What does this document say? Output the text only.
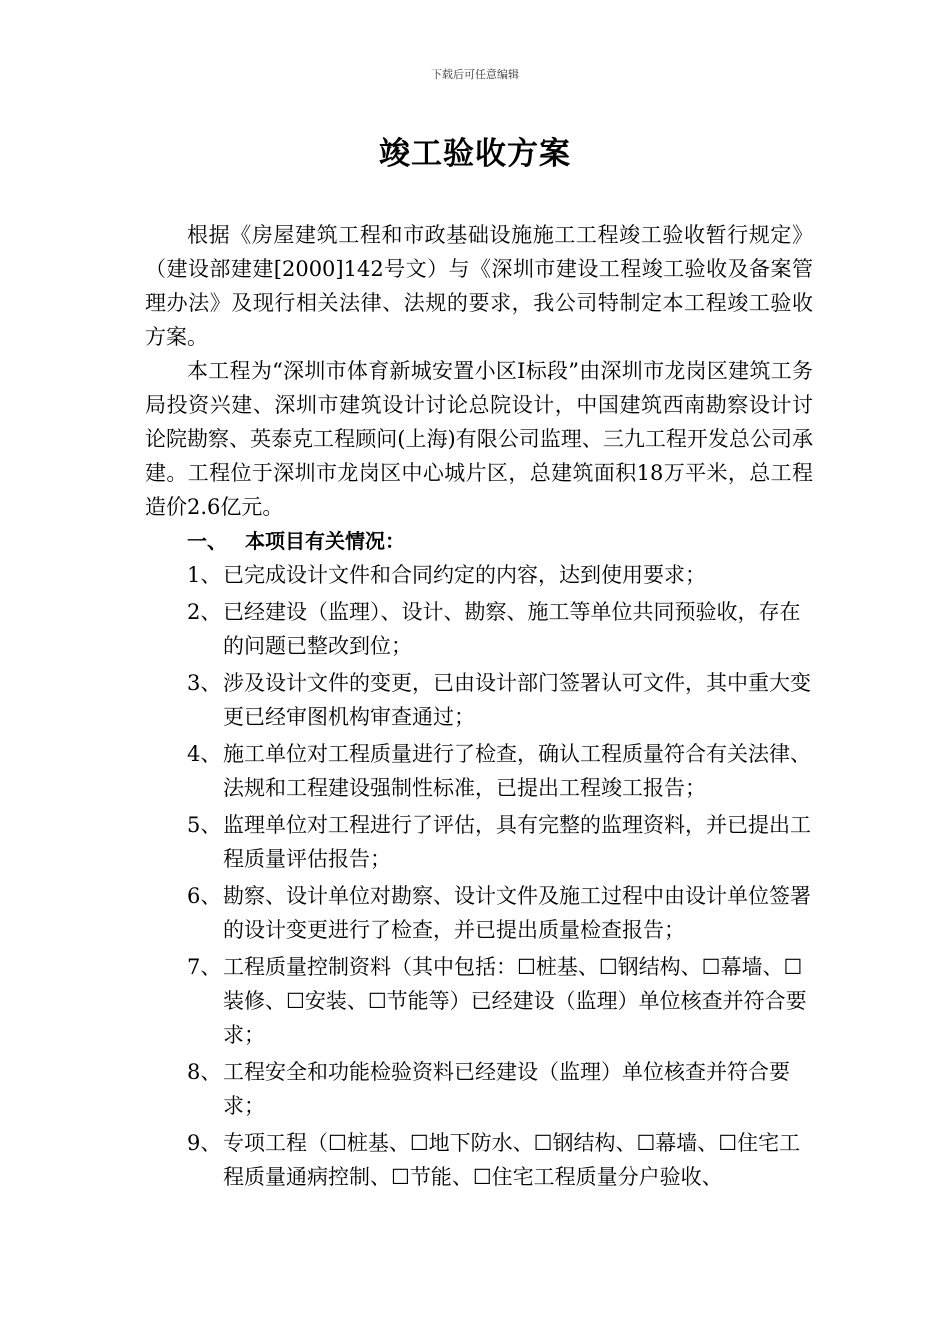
下载后可任意编辑
竣工验收方案

根据《房屋建筑工程和市政基础设施施工工程竣工验收暂行规定》（建设部建建[2000]142号文）与《深圳市建设工程竣工验收及备案管理办法》及现行相关法律、法规的要求，我公司特制定本工程竣工验收方案。

本工程为“深圳市体育新城安置小区I标段”由深圳市龙岗区建筑工务局投资兴建、深圳市建筑设计讨论总院设计，中国建筑西南勘察设计讨论院勘察、英泰克工程顾问(上海)有限公司监理、三九工程开发总公司承建。工程位于深圳市龙岗区中心城片区，总建筑面积18万平米，总工程造价2.6亿元。

一、 本项目有关情况：

1、 已完成设计文件和合同约定的内容，达到使用要求；
2、 已经建设（监理）、设计、勘察、施工等单位共同预验收，存在的问题已整改到位；
3、 涉及设计文件的变更，已由设计部门签署认可文件，其中重大变更已经审图机构审查通过；
4、 施工单位对工程质量进行了检查，确认工程质量符合有关法律、法规和工程建设强制性标准，已提出工程竣工报告；
5、 监理单位对工程进行了评估，具有完整的监理资料，并已提出工程质量评估报告；
6、 勘察、设计单位对勘察、设计文件及施工过程中由设计单位签署的设计变更进行了检查，并已提出质量检查报告；
7、 工程质量控制资料（其中包括：☐桩基、☐钢结构、☐幕墙、☐装修、☐安装、☐节能等）已经建设（监理）单位核查并符合要求；
8、 工程安全和功能检验资料已经建设（监理）单位核查并符合要求；
9、 专项工程（☐桩基、☐地下防水、☐钢结构、☐幕墙、☐住宅工程质量通病控制、☐节能、☐住宅工程质量分户验收、
